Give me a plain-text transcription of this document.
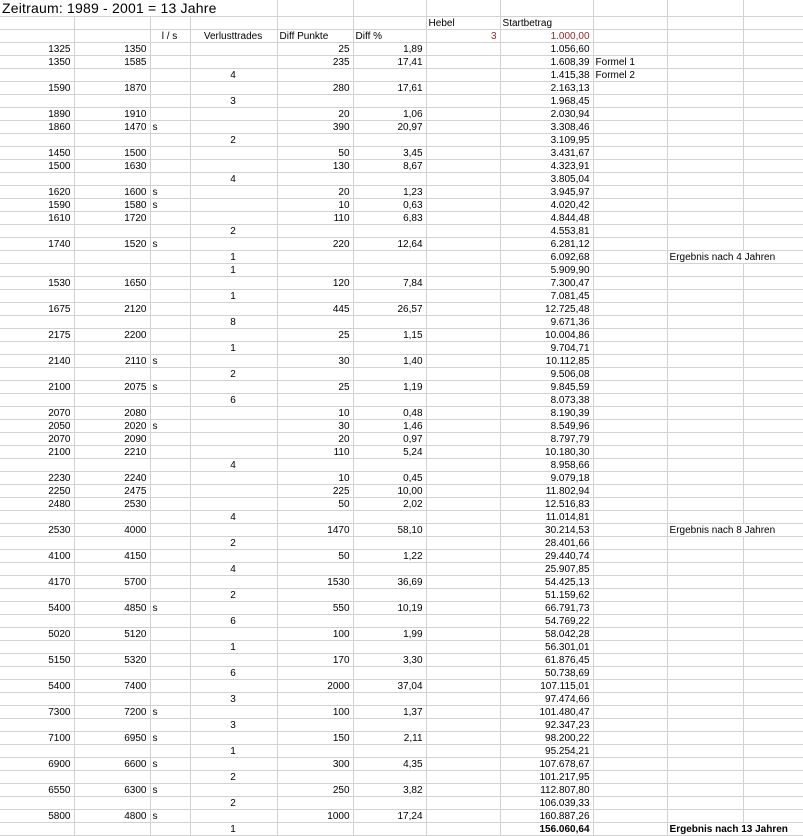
Zeitraum: 1989 - 2001 = 13 Jahre										
						Hebel	Startbetrag			
		l / s	Verlusttrades	Diff Punkte	Diff %	3	1.000,00			
1325	1350			25	1,89		1.056,60			
1350	1585			235	17,41		1.608,39	Formel 1		
			4				1.415,38	Formel 2		
1590	1870			280	17,61		2.163,13			
			3				1.968,45			
1890	1910			20	1,06		2.030,94			
1860	1470	s		390	20,97		3.308,46			
			2				3.109,95			
1450	1500			50	3,45		3.431,67			
1500	1630			130	8,67		4.323,91			
			4				3.805,04			
1620	1600	s		20	1,23		3.945,97			
1590	1580	s		10	0,63		4.020,42			
1610	1720			110	6,83		4.844,48			
			2				4.553,81			
1740	1520	s		220	12,64		6.281,12			
			1				6.092,68		Ergebnis nach 4 Jahren	
			1				5.909,90			
1530	1650			120	7,84		7.300,47			
			1				7.081,45			
1675	2120			445	26,57		12.725,48			
			8				9.671,36			
2175	2200			25	1,15		10.004,86			
			1				9.704,71			
2140	2110	s		30	1,40		10.112,85			
			2				9.506,08			
2100	2075	s		25	1,19		9.845,59			
			6				8.073,38			
2070	2080			10	0,48		8.190,39			
2050	2020	s		30	1,46		8.549,96			
2070	2090			20	0,97		8.797,79			
2100	2210			110	5,24		10.180,30			
			4				8.958,66			
2230	2240			10	0,45		9.079,18			
2250	2475			225	10,00		11.802,94			
2480	2530			50	2,02		12.516,83			
			4				11.014,81			
2530	4000			1470	58,10		30.214,53		Ergebnis nach 8 Jahren	
			2				28.401,66			
4100	4150			50	1,22		29.440,74			
			4				25.907,85			
4170	5700			1530	36,69		54.425,13			
			2				51.159,62			
5400	4850	s		550	10,19		66.791,73			
			6				54.769,22			
5020	5120			100	1,99		58.042,28			
			1				56.301,01			
5150	5320			170	3,30		61.876,45			
			6				50.738,69			
5400	7400			2000	37,04		107.115,01			
			3				97.474,66			
7300	7200	s		100	1,37		101.480,47			
			3				92.347,23			
7100	6950	s		150	2,11		98.200,22			
			1				95.254,21			
6900	6600	s		300	4,35		107.678,67			
			2				101.217,95			
6550	6300	s		250	3,82		112.807,80			
			2				106.039,33			
5800	4800	s		1000	17,24		160.887,26			
			1				156.060,64		Ergebnis nach 13 Jahren	
